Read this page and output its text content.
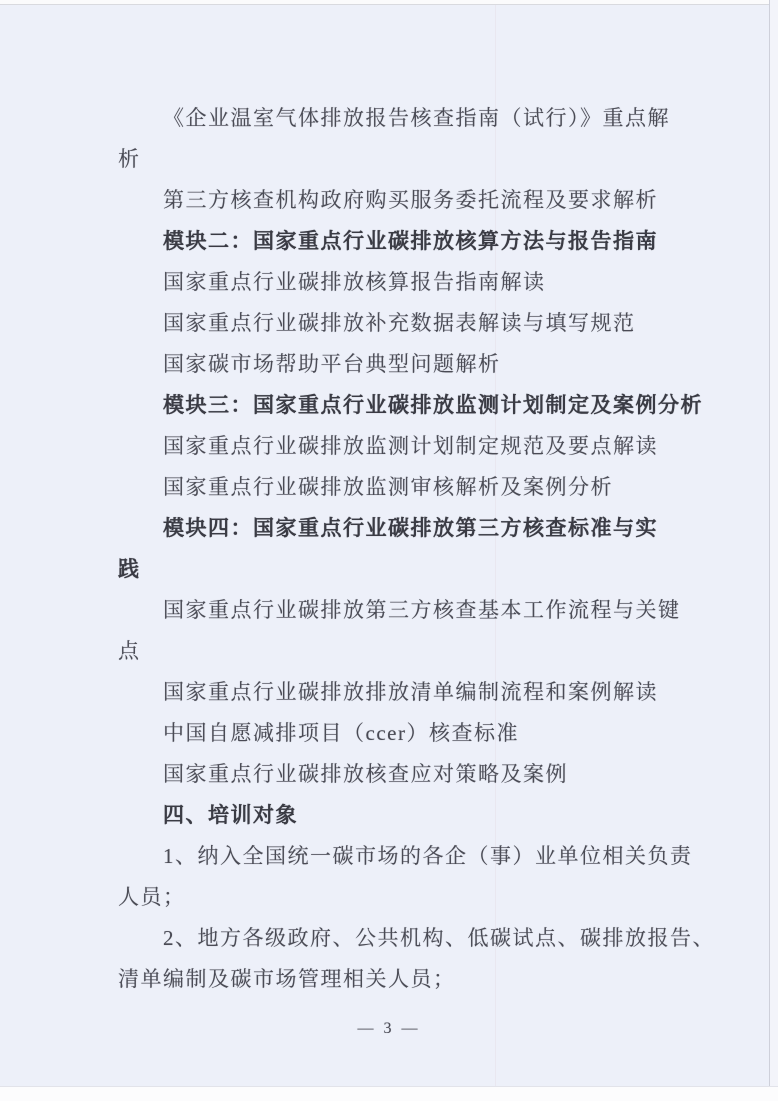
《企业温室气体排放报告核查指南（试行）》重点解

析

第三方核查机构政府购买服务委托流程及要求解析

模块二：国家重点行业碳排放核算方法与报告指南

国家重点行业碳排放核算报告指南解读

国家重点行业碳排放补充数据表解读与填写规范

国家碳市场帮助平台典型问题解析

模块三：国家重点行业碳排放监测计划制定及案例分析

国家重点行业碳排放监测计划制定规范及要点解读

国家重点行业碳排放监测审核解析及案例分析

模块四：国家重点行业碳排放第三方核查标准与实

践

国家重点行业碳排放第三方核查基本工作流程与关键

点

国家重点行业碳排放排放清单编制流程和案例解读

中国自愿减排项目（ccer）核查标准

国家重点行业碳排放核查应对策略及案例

四、培训对象

1、纳入全国统一碳市场的各企（事）业单位相关负责

人员；

2、地方各级政府、公共机构、低碳试点、碳排放报告、

清单编制及碳市场管理相关人员；

— 3 —
